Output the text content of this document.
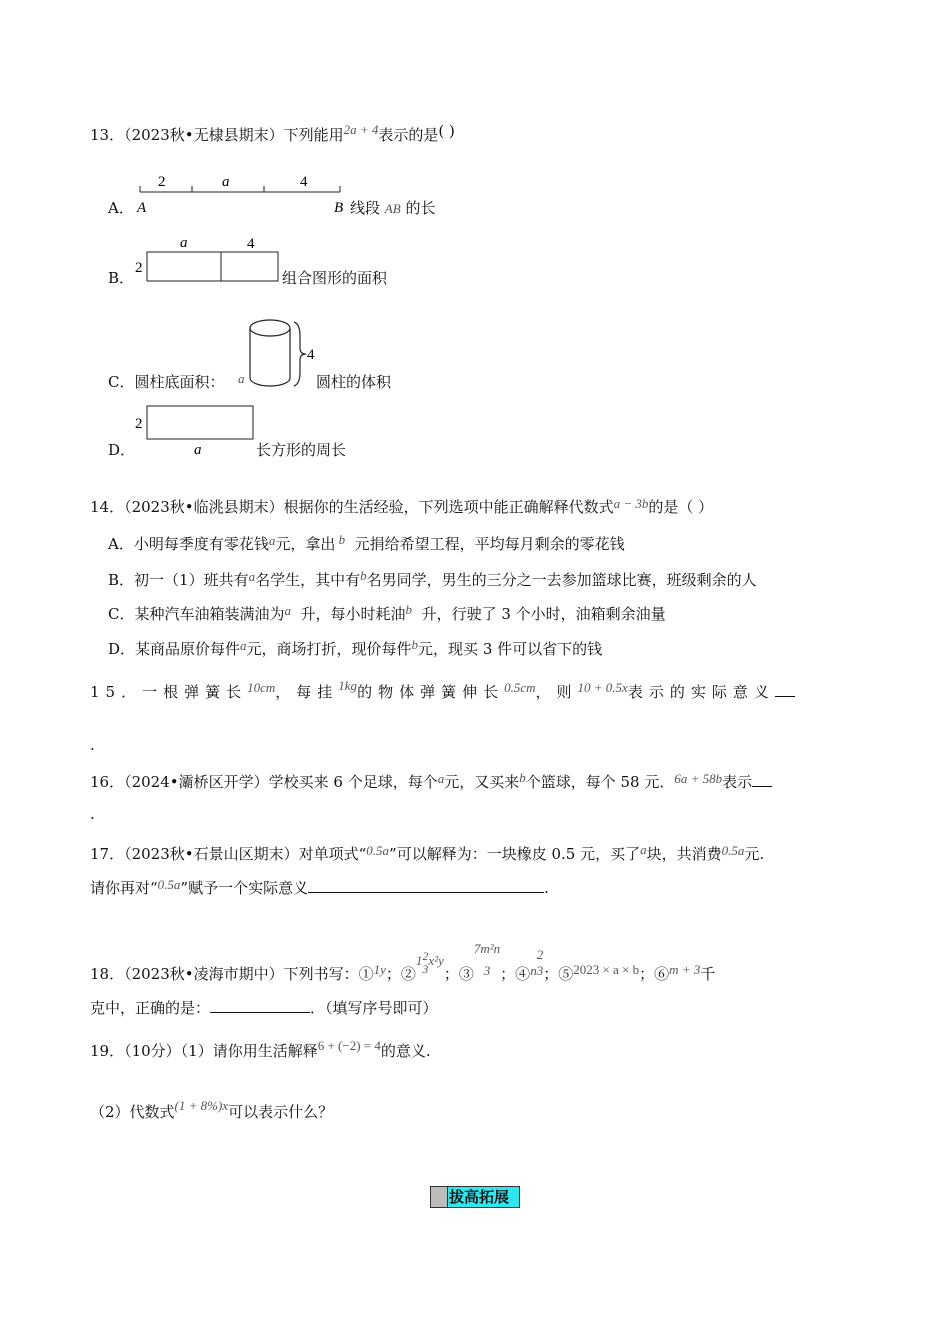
13．（2023秋•无棣县期末）下列能用2a + 4表示的是( )
A．
2	a	4
A	B 线段 AB 的长
B．
a	4
2
组合图形的面积
C．圆柱底面积： a
4
圆柱的体积
D．
2
a	长方形的周长
14．（2023秋•临洮县期末）根据你的生活经验，下列选项中能正确解释代数式a − 3b的是（ ）
A．小明每季度有零花钱a元，拿出 b 元捐给希望工程，平均每月剩余的零花钱
B．初一（1）班共有a名学生，其中有b名男同学，男生的三分之一去参加篮球比赛，班级剩余的人
C．某种汽车油箱装满油为a 升，每小时耗油b 升，行驶了 3 个小时，油箱剩余油量
D．某商品原价每件a元，商场打折，现价每件b元，现买 3 件可以省下的钱
15．一根弹簧长10cm，每挂1kg的物体弹簧伸长0.5cm，则10 + 0.5x表示的实际意义
.
16．（2024•灞桥区开学）学校买来 6 个足球，每个a元，又买来b个篮球，每个 58 元．6a + 58b表示
.
17．（2023秋•石景山区期末）对单项式“0.5a”可以解释为：一块橡皮 0.5 元，买了a块，共消费0.5a元.
请你再对“0.5a”赋予一个实际意义	.
18．（2023秋•凌海市期中）下列书写：①1y；②1 2
3
x²y；③
7m²n
3 ；④n
2
3 ；⑤2023 × a × b；⑥m + 3千
克中，正确的是：	．（填写序号即可）
19．（10分）（1）请你用生活解释6 + (−2) = 4的意义.
（2）代数式(1 + 8%)x可以表示什么？
拔高拓展
